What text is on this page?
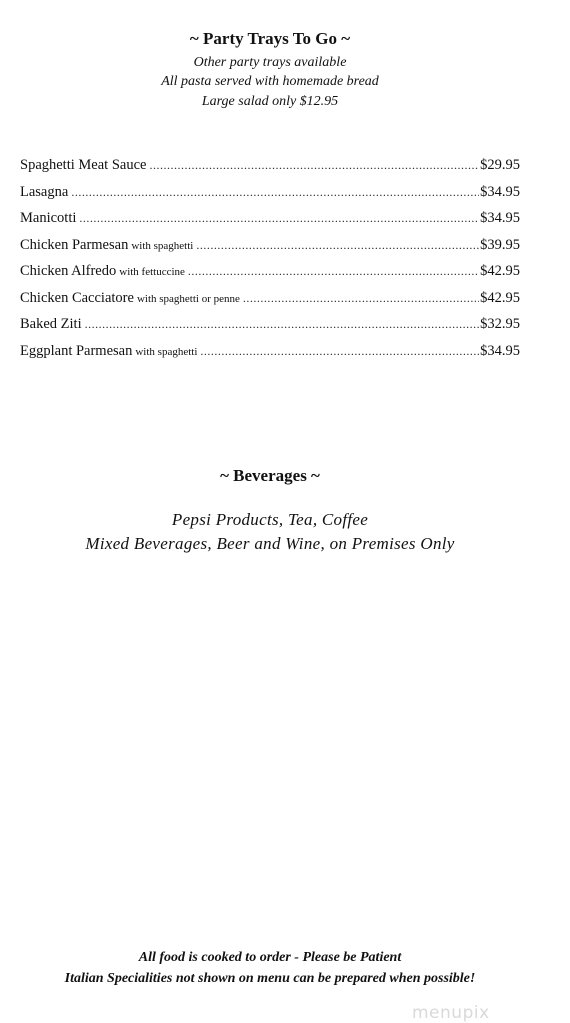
~ Party Trays To Go ~
Other party trays available
All pasta served with homemade bread
Large salad only $12.95
Spaghetti Meat Sauce .....	$29.95
Lasagna .....	$34.95
Manicotti .....	$34.95
Chicken Parmesan with spaghetti .....	$39.95
Chicken Alfredo with fettuccine .....	$42.95
Chicken Cacciatore with spaghetti or penne .....	$42.95
Baked Ziti .....	$32.95
Eggplant Parmesan with spaghetti .....	$34.95
~ Beverages ~
Pepsi Products, Tea, Coffee
Mixed Beverages, Beer and Wine, on Premises Only
All food is cooked to order - Please be Patient
Italian Specialities not shown on menu can be prepared when possible!
menupix
